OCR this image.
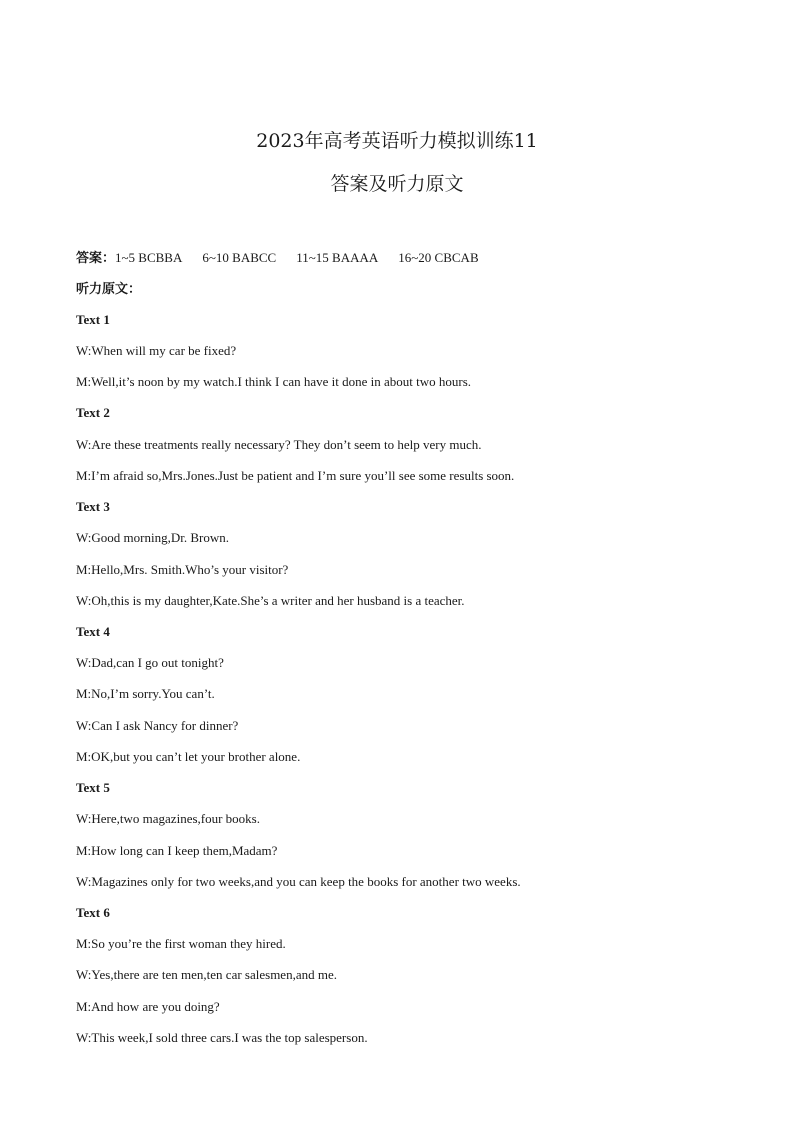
2023年高考英语听力模拟训练11
答案及听力原文
答案：1~5 BCBBA 6~10 BABCC 11~15 BAAAA 16~20 CBCAB
听力原文：
Text 1
W:When will my car be fixed?
M:Well,it’s noon by my watch.I think I can have it done in about two hours.
Text 2
W:Are these treatments really necessary? They don’t seem to help very much.
M:I’m afraid so,Mrs.Jones.Just be patient and I’m sure you’ll see some results soon.
Text 3
W:Good morning,Dr. Brown.
M:Hello,Mrs. Smith.Who’s your visitor?
W:Oh,this is my daughter,Kate.She’s a writer and her husband is a teacher.
Text 4
W:Dad,can I go out tonight?
M:No,I’m sorry.You can’t.
W:Can I ask Nancy for dinner?
M:OK,but you can’t let your brother alone.
Text 5
W:Here,two magazines,four books.
M:How long can I keep them,Madam?
W:Magazines only for two weeks,and you can keep the books for another two weeks.
Text 6
M:So you’re the first woman they hired.
W:Yes,there are ten men,ten car salesmen,and me.
M:And how are you doing?
W:This week,I sold three cars.I was the top salesperson.
